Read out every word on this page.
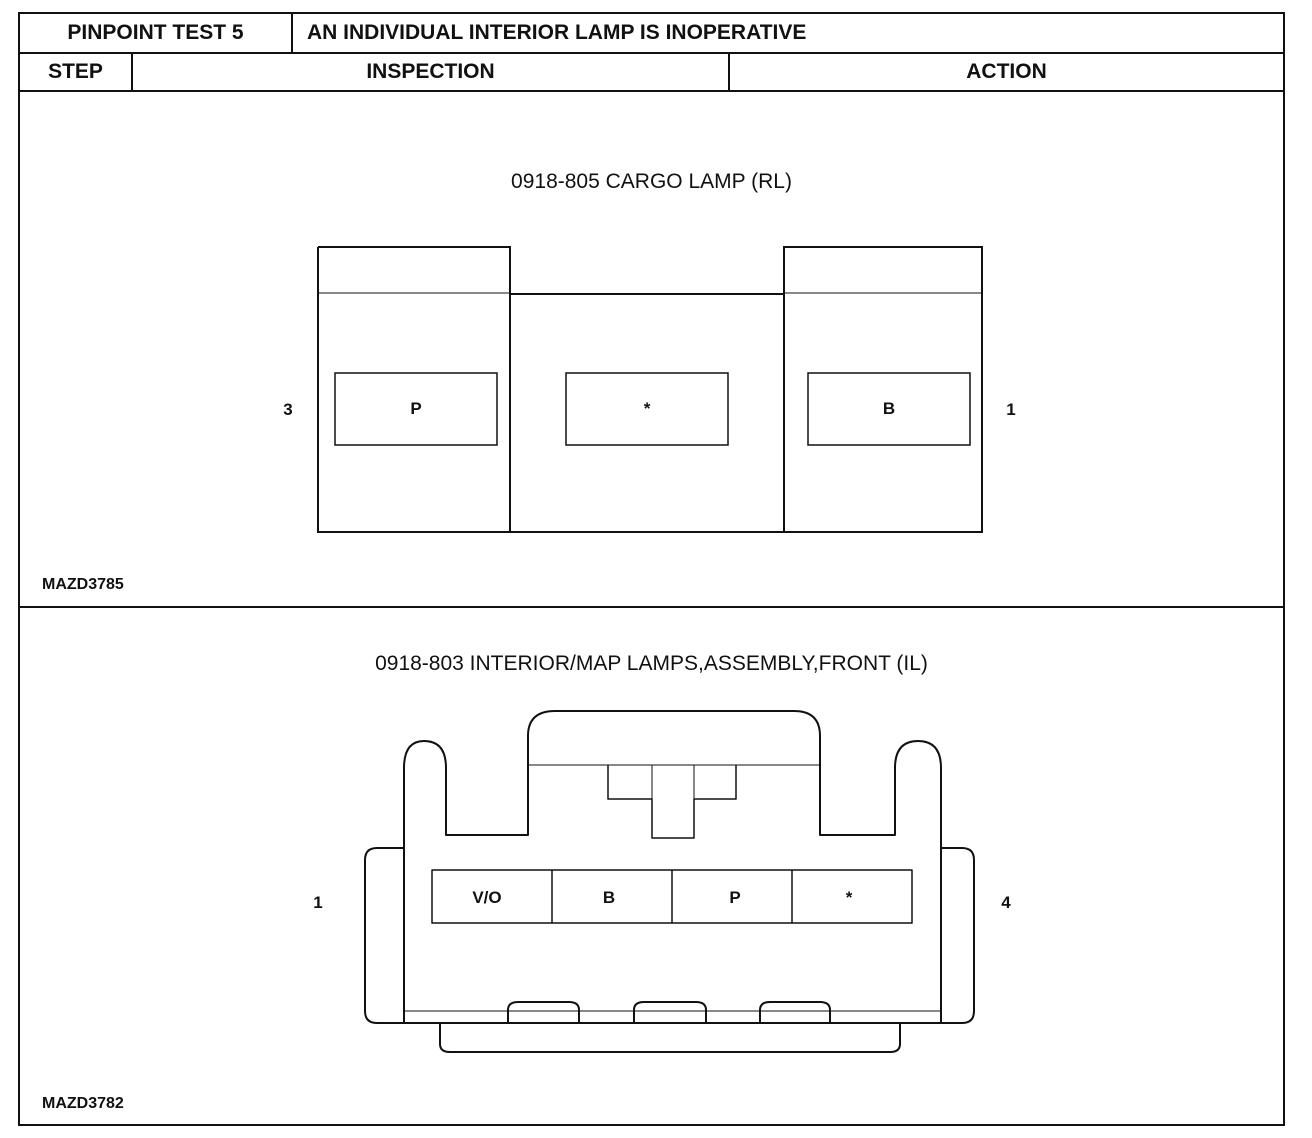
PINPOINT TEST 5	AN INDIVIDUAL INTERIOR LAMP IS INOPERATIVE
STEP	INSPECTION	ACTION
0918-805 CARGO LAMP (RL)
MAZD3785
P	*	B
3	1
0918-803 INTERIOR/MAP LAMPS,ASSEMBLY,FRONT (IL)
MAZD3782
V/O	B	P	*
1	4
